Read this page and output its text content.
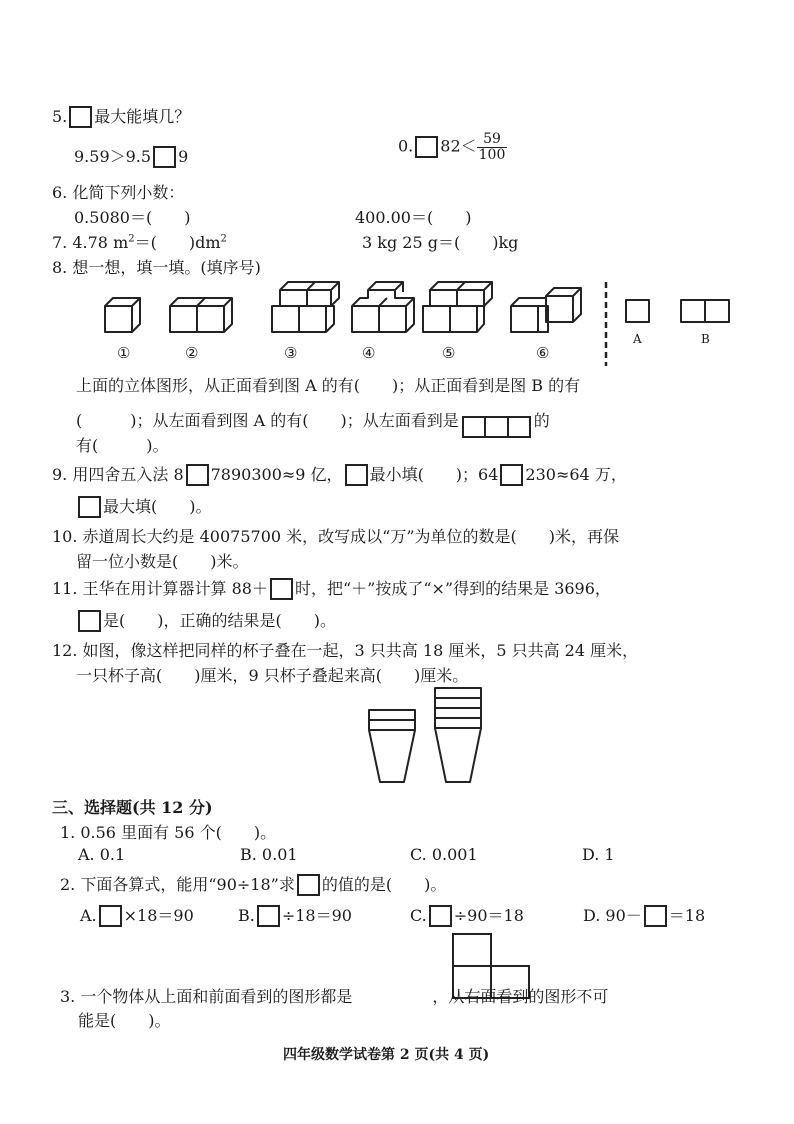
5. 最大能填几？
9.59＞9.5 9
0. $82< \frac{59}{100}$
6. 化简下列小数：
0.5080＝(　　)	400.00＝(　　)
7. 4.78 $m^2=$(　　)$dm^2$	3 kg 25 g＝(　　)kg
8. 想一想，填一填。(填序号)
①	②	③	④	⑤	⑥
A	B
上面的立体图形，从正面看到图 A 的有(　　)；从正面看到是图 B 的有
(　　　)；从左面看到图 A 的有(　　)；从左面看到是	的
有(　　　)。
9. 用四舍五入法 8 7890300≈9 亿， 最小填(　　)；64 230≈64 万，
最大填(　　)。
10. 赤道周长大约是 40075700 米，改写成以“万”为单位的数是(　　)米，再保
留一位小数是(　　)米。
11. 王华在用计算器计算 88＋ 时，把“＋”按成了“×”得到的结果是 3696，
是(　　)，正确的结果是(　　)。
12. 如图，像这样把同样的杯子叠在一起，3 只共高 18 厘米，5 只共高 24 厘米，
一只杯子高(　　)厘米，9 只杯子叠起来高(　　)厘米。
三、选择题(共 12 分)
1. 0.56 里面有 56 个(　　)。
A. 0.1	B. 0.01	C. 0.001	D. 1
2. 下面各算式，能用“90÷18”求 的值的是(　　)。
A. ×18＝90	B. ÷18＝90	C. ÷90＝18	D. 90－ ＝18
3. 一个物体从上面和前面看到的图形都是	，从右面看到的图形不可
能是(　　)。
四年级数学试卷第 2 页(共 4 页)
